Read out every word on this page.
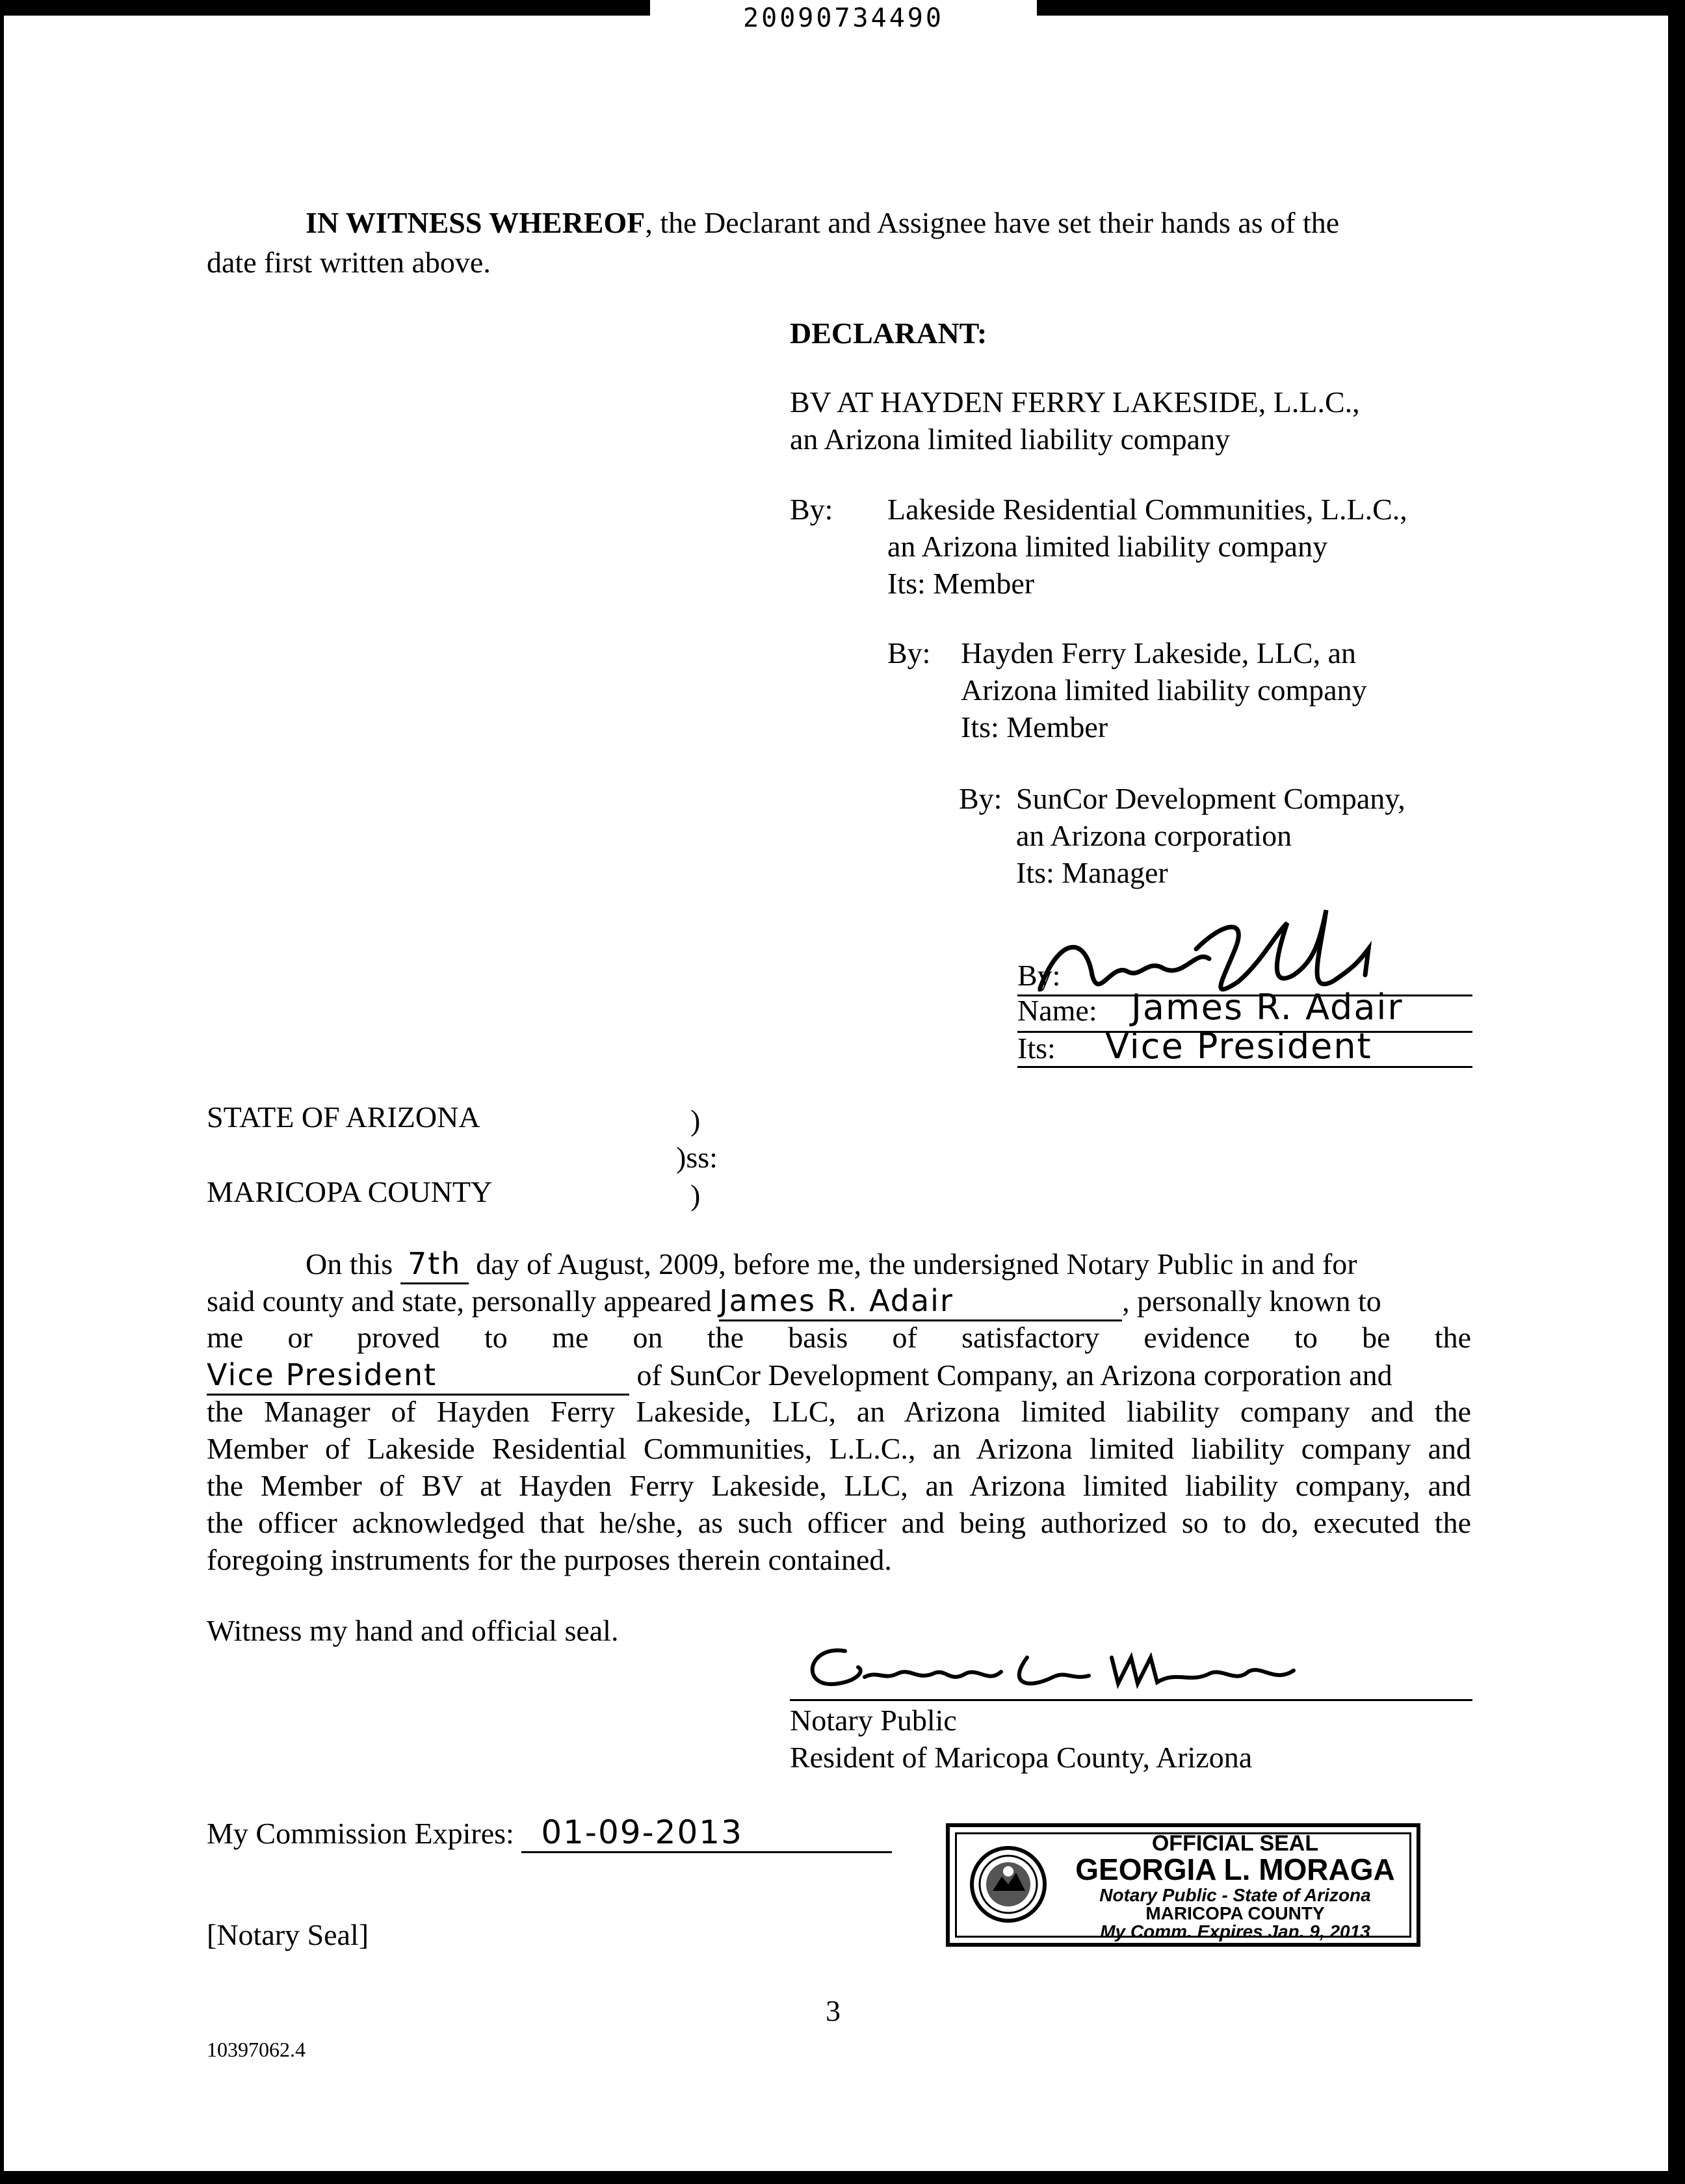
20090734490
IN WITNESS WHEREOF, the Declarant and Assignee have set their hands as of the
date first written above.
DECLARANT:
BV AT HAYDEN FERRY LAKESIDE, L.L.C.,
an Arizona limited liability company
By: Lakeside Residential Communities, L.L.C.,
an Arizona limited liability company
Its: Member
By: Hayden Ferry Lakeside, LLC, an
Arizona limited liability company
Its: Member
By: SunCor Development Company,
an Arizona corporation
Its: Manager
By:
Name: James R. Adair
Its: Vice President
STATE OF ARIZONA	)
)ss:
MARICOPA COUNTY	)
On this 7th day of August, 2009, before me, the undersigned Notary Public in and for
said county and state, personally appeared James R. Adair	, personally known to
me or proved to me on the basis of satisfactory evidence to be the
Vice President	of SunCor Development Company, an Arizona corporation and
the Manager of Hayden Ferry Lakeside, LLC, an Arizona limited liability company and the
Member of Lakeside Residential Communities, L.L.C., an Arizona limited liability company and
the Member of BV at Hayden Ferry Lakeside, LLC, an Arizona limited liability company, and
the officer acknowledged that he/she, as such officer and being authorized so to do, executed the
foregoing instruments for the purposes therein contained.
Witness my hand and official seal.
Notary Public
Resident of Maricopa County, Arizona
My Commission Expires: 01-09-2013
[Notary Seal]
OFFICIAL SEAL
GEORGIA L. MORAGA
Notary Public - State of Arizona
MARICOPA COUNTY
My Comm. Expires Jan. 9, 2013
3
10397062.4
